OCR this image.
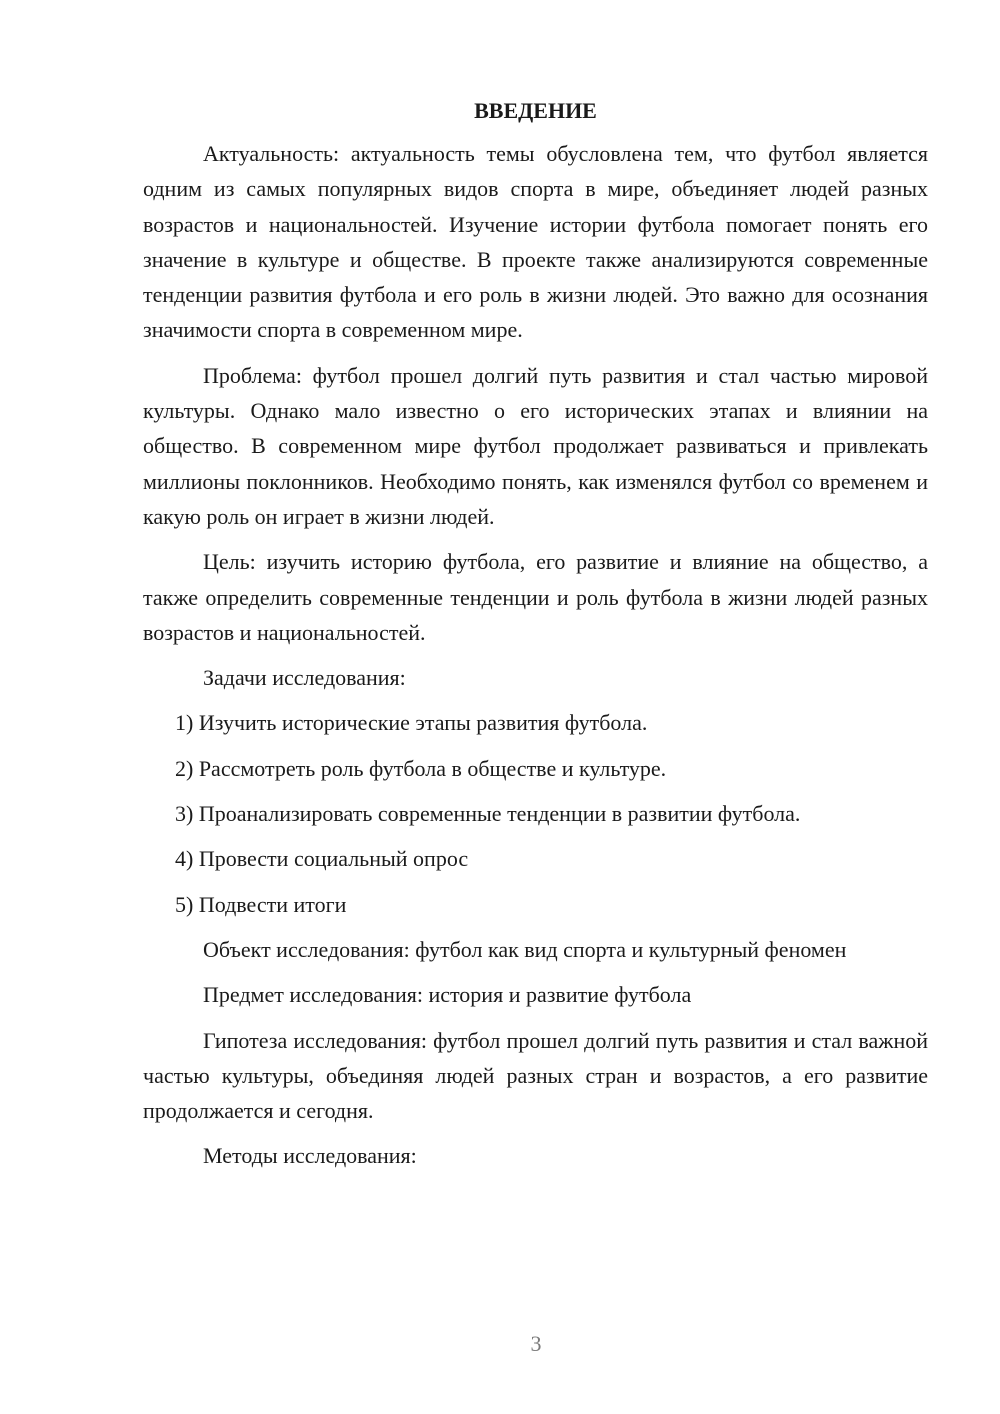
ВВЕДЕНИЕ

Актуальность: актуальность темы обусловлена тем, что футбол является одним из самых популярных видов спорта в мире, объединяет людей разных возрастов и национальностей. Изучение истории футбола помогает понять его значение в культуре и обществе. В проекте также анализируются современные тенденции развития футбола и его роль в жизни людей. Это важно для осознания значимости спорта в современном мире.

Проблема: футбол прошел долгий путь развития и стал частью мировой культуры. Однако мало известно о его исторических этапах и влиянии на общество. В современном мире футбол продолжает развиваться и привлекать миллионы поклонников. Необходимо понять, как изменялся футбол со временем и какую роль он играет в жизни людей.

Цель: изучить историю футбола, его развитие и влияние на общество, а также определить современные тенденции и роль футбола в жизни людей разных возрастов и национальностей.

Задачи исследования:

1) Изучить исторические этапы развития футбола.

2) Рассмотреть роль футбола в обществе и культуре.

3) Проанализировать современные тенденции в развитии футбола.

4) Провести социальный опрос

5) Подвести итоги

Объект исследования: футбол как вид спорта и культурный феномен

Предмет исследования: история и развитие футбола

Гипотеза исследования: футбол прошел долгий путь развития и стал важной частью культуры, объединяя людей разных стран и возрастов, а его развитие продолжается и сегодня.

Методы исследования:

3
